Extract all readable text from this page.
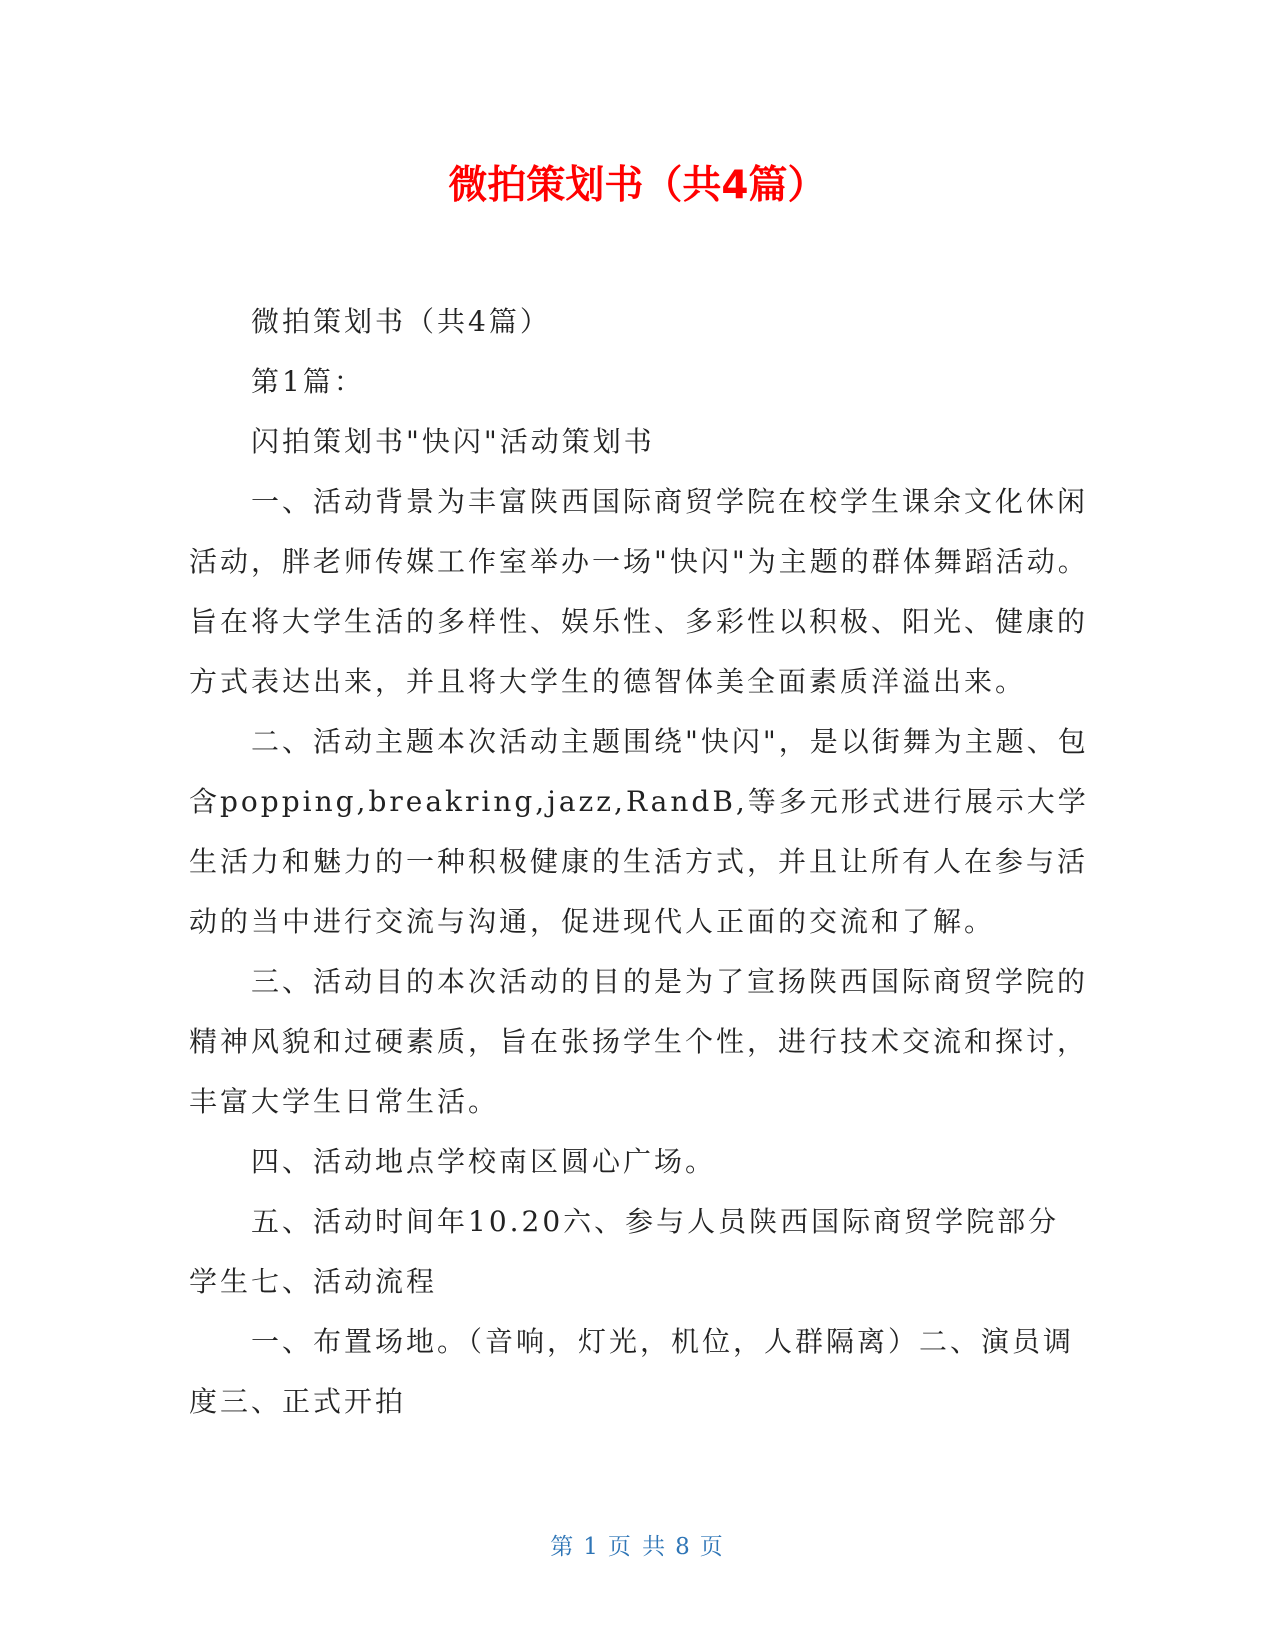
微拍策划书（共4篇）

微拍策划书（共4篇）

第1篇：

闪拍策划书"快闪"活动策划书

一、活动背景为丰富陕西国际商贸学院在校学生课余文化休闲活动，胖老师传媒工作室举办一场"快闪"为主题的群体舞蹈活动。旨在将大学生活的多样性、娱乐性、多彩性以积极、阳光、健康的方式表达出来，并且将大学生的德智体美全面素质洋溢出来。

二、活动主题本次活动主题围绕"快闪"，是以街舞为主题、包含popping,breakring,jazz,RandB,等多元形式进行展示大学生活力和魅力的一种积极健康的生活方式，并且让所有人在参与活动的当中进行交流与沟通，促进现代人正面的交流和了解。

三、活动目的本次活动的目的是为了宣扬陕西国际商贸学院的精神风貌和过硬素质，旨在张扬学生个性，进行技术交流和探讨，丰富大学生日常生活。

四、活动地点学校南区圆心广场。

五、活动时间年10.20六、参与人员陕西国际商贸学院部分学生七、活动流程

一、布置场地。（音响，灯光，机位，人群隔离）二、演员调度三、正式开拍

第 1 页 共 8 页
